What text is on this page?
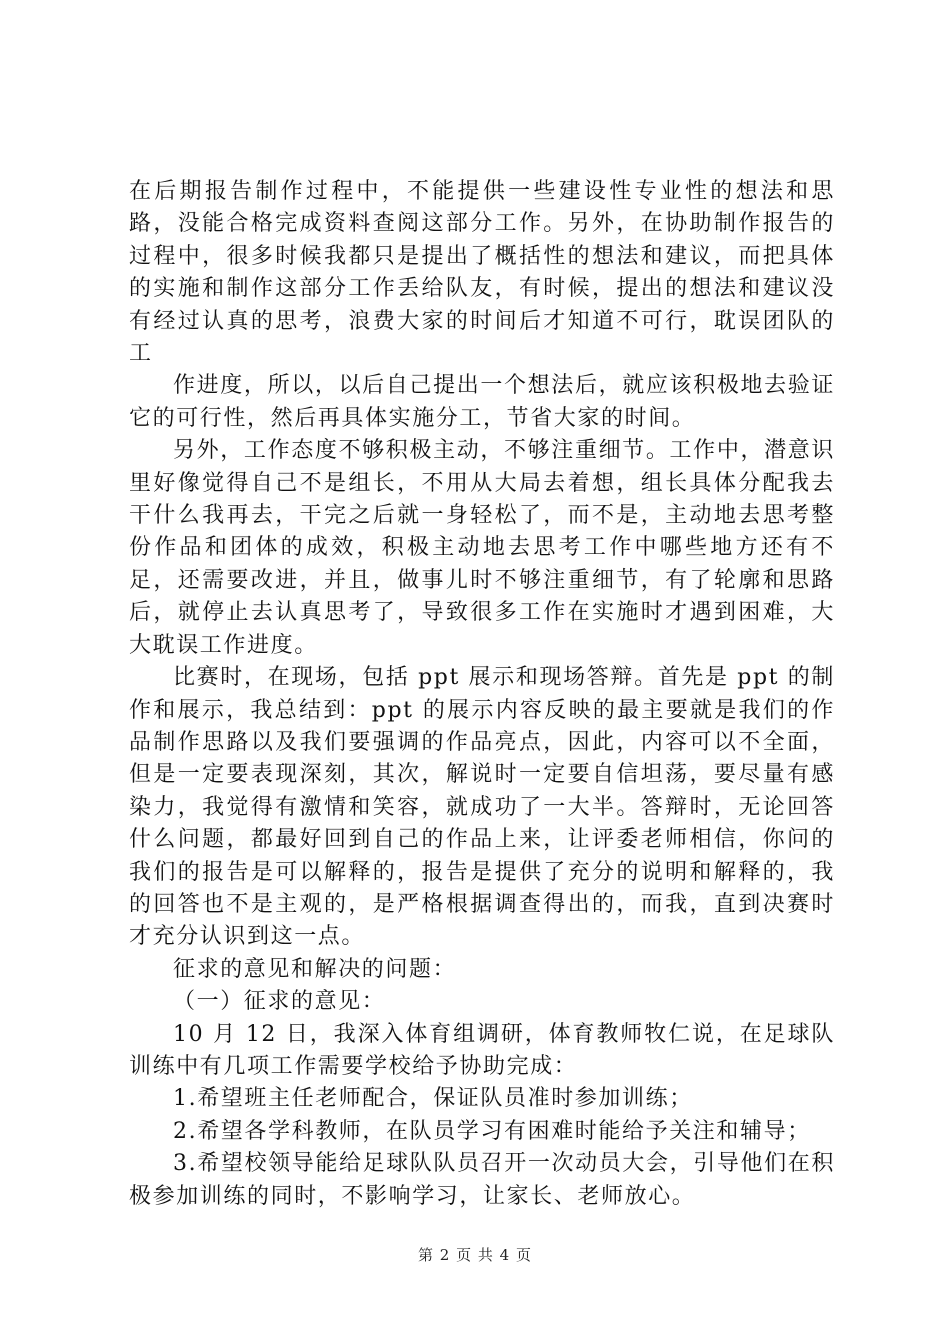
在后期报告制作过程中，不能提供一些建设性专业性的想法和思路，没能合格完成资料查阅这部分工作。另外，在协助制作报告的过程中，很多时候我都只是提出了概括性的想法和建议，而把具体的实施和制作这部分工作丢给队友，有时候，提出的想法和建议没有经过认真的思考，浪费大家的时间后才知道不可行，耽误团队的工

作进度，所以，以后自己提出一个想法后，就应该积极地去验证它的可行性，然后再具体实施分工，节省大家的时间。

另外，工作态度不够积极主动，不够注重细节。工作中，潜意识里好像觉得自己不是组长，不用从大局去着想，组长具体分配我去干什么我再去，干完之后就一身轻松了，而不是，主动地去思考整份作品和团体的成效，积极主动地去思考工作中哪些地方还有不足，还需要改进，并且，做事儿时不够注重细节，有了轮廓和思路后，就停止去认真思考了，导致很多工作在实施时才遇到困难，大大耽误工作进度。

比赛时，在现场，包括 ppt 展示和现场答辩。首先是 ppt 的制作和展示，我总结到：ppt 的展示内容反映的最主要就是我们的作品制作思路以及我们要强调的作品亮点，因此，内容可以不全面，但是一定要表现深刻，其次，解说时一定要自信坦荡，要尽量有感染力，我觉得有激情和笑容，就成功了一大半。答辩时，无论回答什么问题，都最好回到自己的作品上来，让评委老师相信，你问的我们的报告是可以解释的，报告是提供了充分的说明和解释的，我的回答也不是主观的，是严格根据调查得出的，而我，直到决赛时才充分认识到这一点。

征求的意见和解决的问题：

（一）征求的意见：

10 月 12 日，我深入体育组调研，体育教师牧仁说，在足球队训练中有几项工作需要学校给予协助完成：

1.希望班主任老师配合，保证队员准时参加训练；

2.希望各学科教师，在队员学习有困难时能给予关注和辅导；

3.希望校领导能给足球队队员召开一次动员大会，引导他们在积极参加训练的同时，不影响学习，让家长、老师放心。

第 2 页 共 4 页
